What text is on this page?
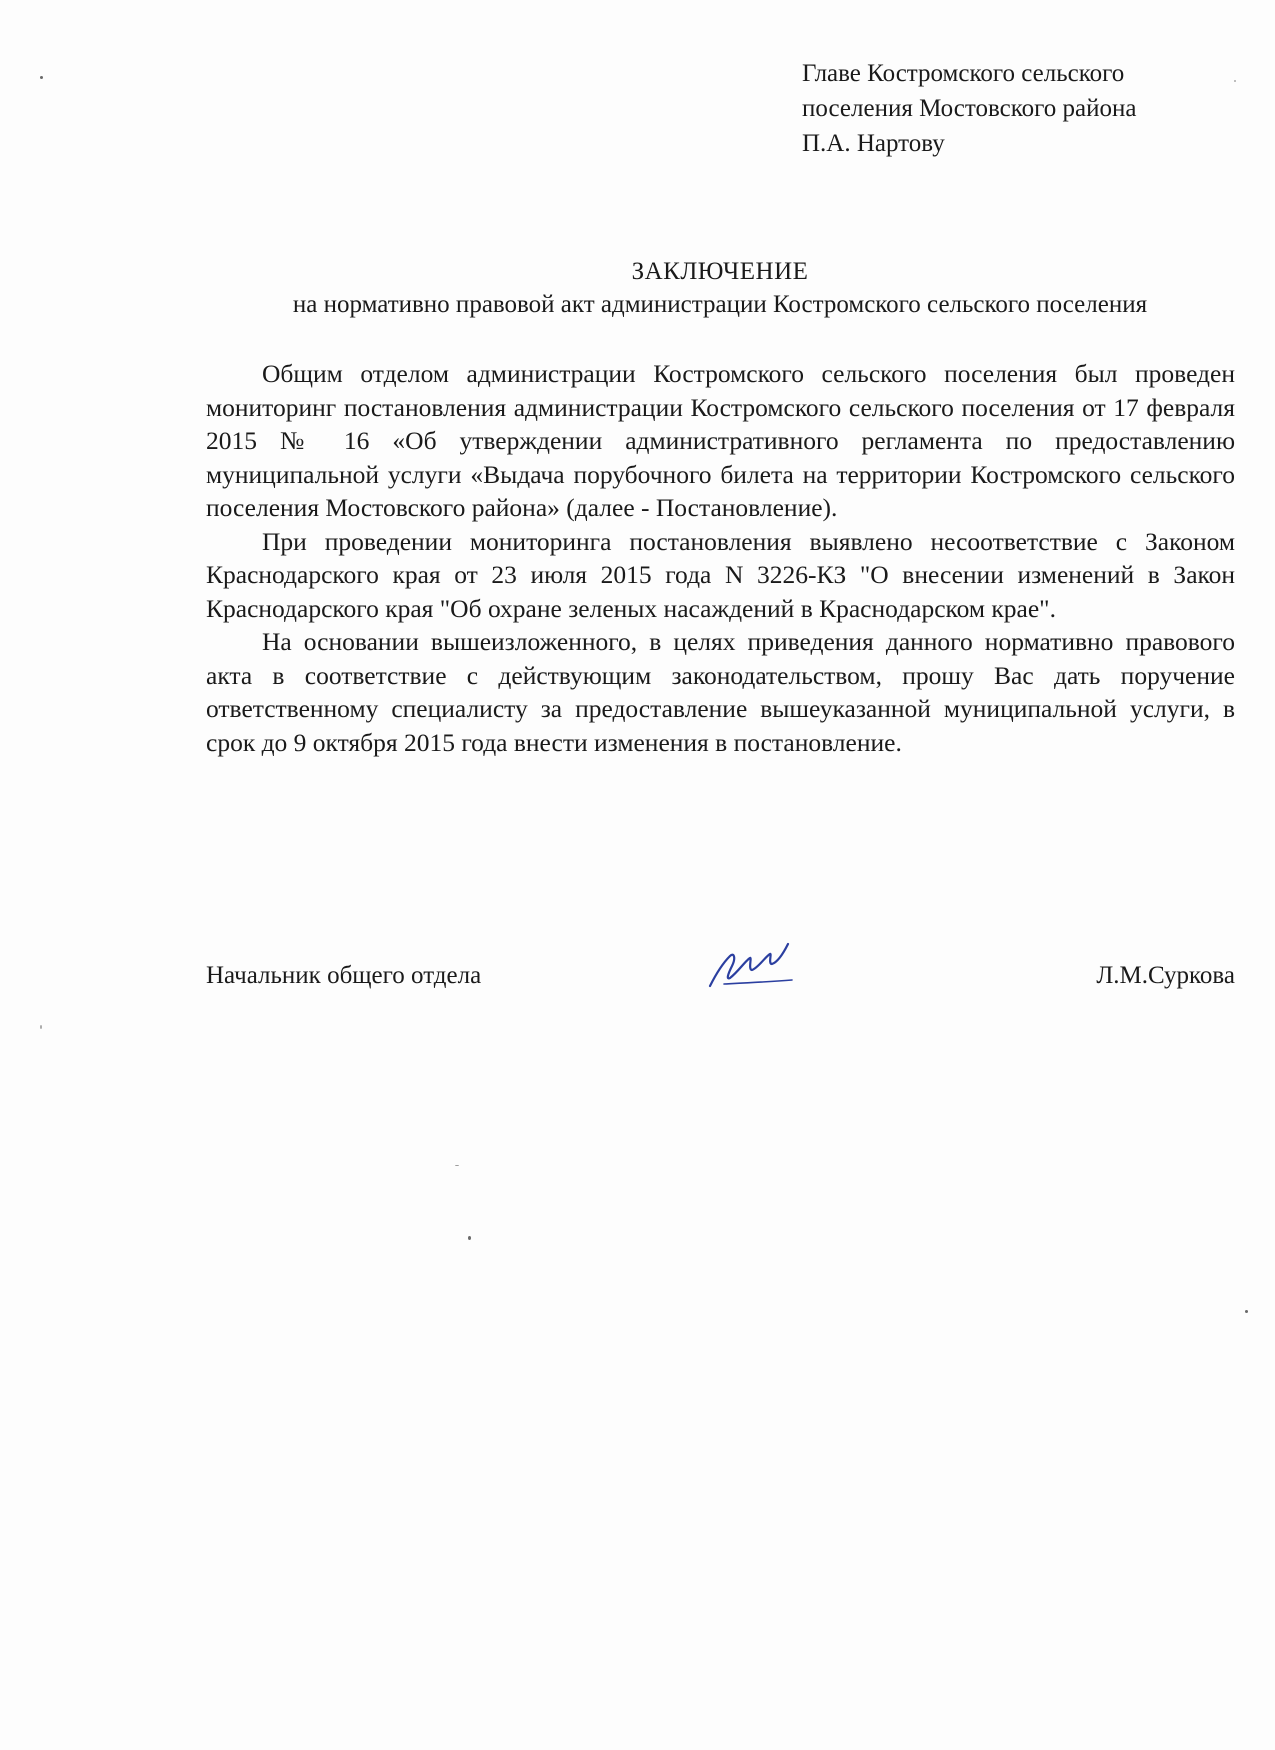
Главе Костромского сельского
поселения Мостовского района
П.А. Нартову
ЗАКЛЮЧЕНИЕ
на нормативно правовой акт администрации Костромского сельского поселения

Общим отделом администрации Костромского сельского поселения был проведен мониторинг постановления администрации Костромского сельского поселения от 17 февраля 2015 № 16 «Об утверждении административного регламента по предоставлению муниципальной услуги «Выдача порубочного билета на территории Костромского сельского поселения Мостовского района» (далее - Постановление).

При проведении мониторинга постановления выявлено несоответствие с Законом Краснодарского края от 23 июля 2015 года N 3226-КЗ "О внесении изменений в Закон Краснодарского края "Об охране зеленых насаждений в Краснодарском крае".

На основании вышеизложенного, в целях приведения данного нормативно правового акта в соответствие с действующим законодательством, прошу Вас дать поручение ответственному специалисту за предоставление вышеуказанной муниципальной услуги, в срок до 9 октября 2015 года внести изменения в постановление.

Начальник общего отдела	Л.М.Суркова
